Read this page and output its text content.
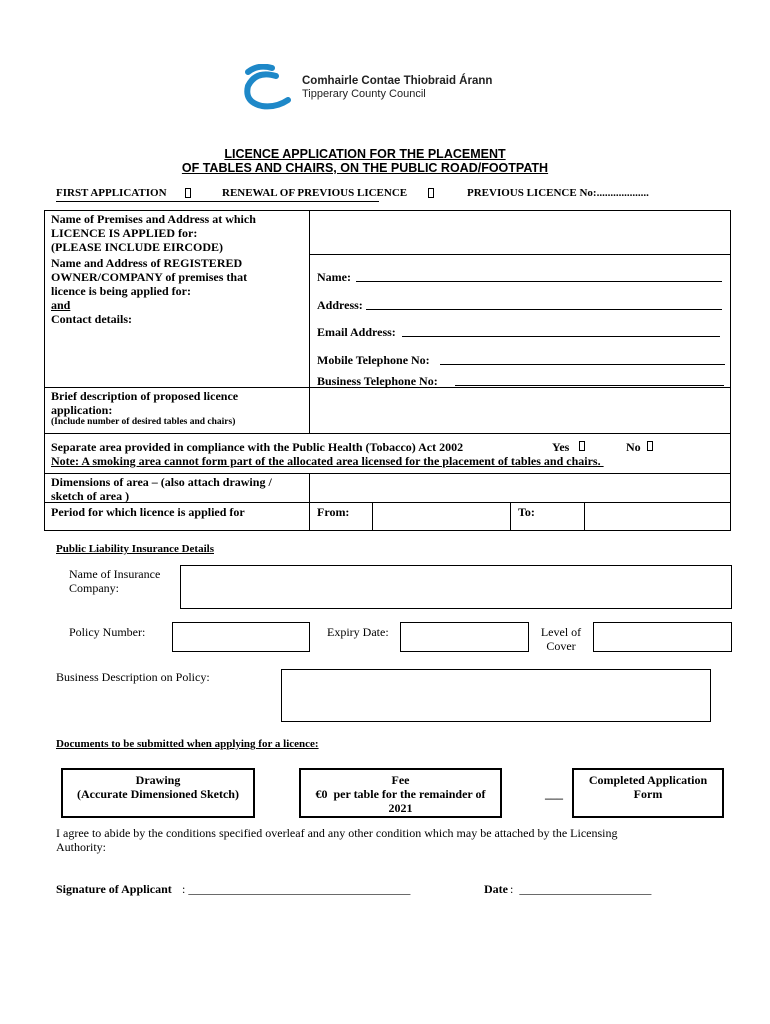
Comhairle Contae Thiobraid Árann
Tipperary County Council
LICENCE APPLICATION FOR THE PLACEMENT
OF TABLES AND CHAIRS, ON THE PUBLIC ROAD/FOOTPATH
FIRST APPLICATION	RENEWAL OF PREVIOUS LICENCE	PREVIOUS LICENCE No:...................
Name of Premises and Address at which
LICENCE IS APPLIED for:
(PLEASE INCLUDE EIRCODE)
Name and Address of REGISTERED
OWNER/COMPANY of premises that
licence is being applied for:
and
Contact details:
Name:
Address:
Email Address:
Mobile Telephone No:
Business Telephone No:
Brief description of proposed licence
application:
(Include number of desired tables and chairs)
Separate area provided in compliance with the Public Health (Tobacco) Act 2002	Yes	No
Note: A smoking area cannot form part of the allocated area licensed for the placement of tables and chairs.
Dimensions of area – (also attach drawing /
sketch of area )
Period for which licence is applied for	From:	To:
Public Liability Insurance Details
Name of Insurance
Company:
Policy Number:	Expiry Date:	Level of
Cover
Business Description on Policy:
Documents to be submitted when applying for a licence:
Drawing
(Accurate Dimensioned Sketch)
Fee
€0  per table for the remainder of
2021
___
Completed Application
Form
I agree to abide by the conditions specified overleaf and any other condition which may be attached by the Licensing
Authority:
Signature of Applicant : _____________________________________	Date :  ______________________
